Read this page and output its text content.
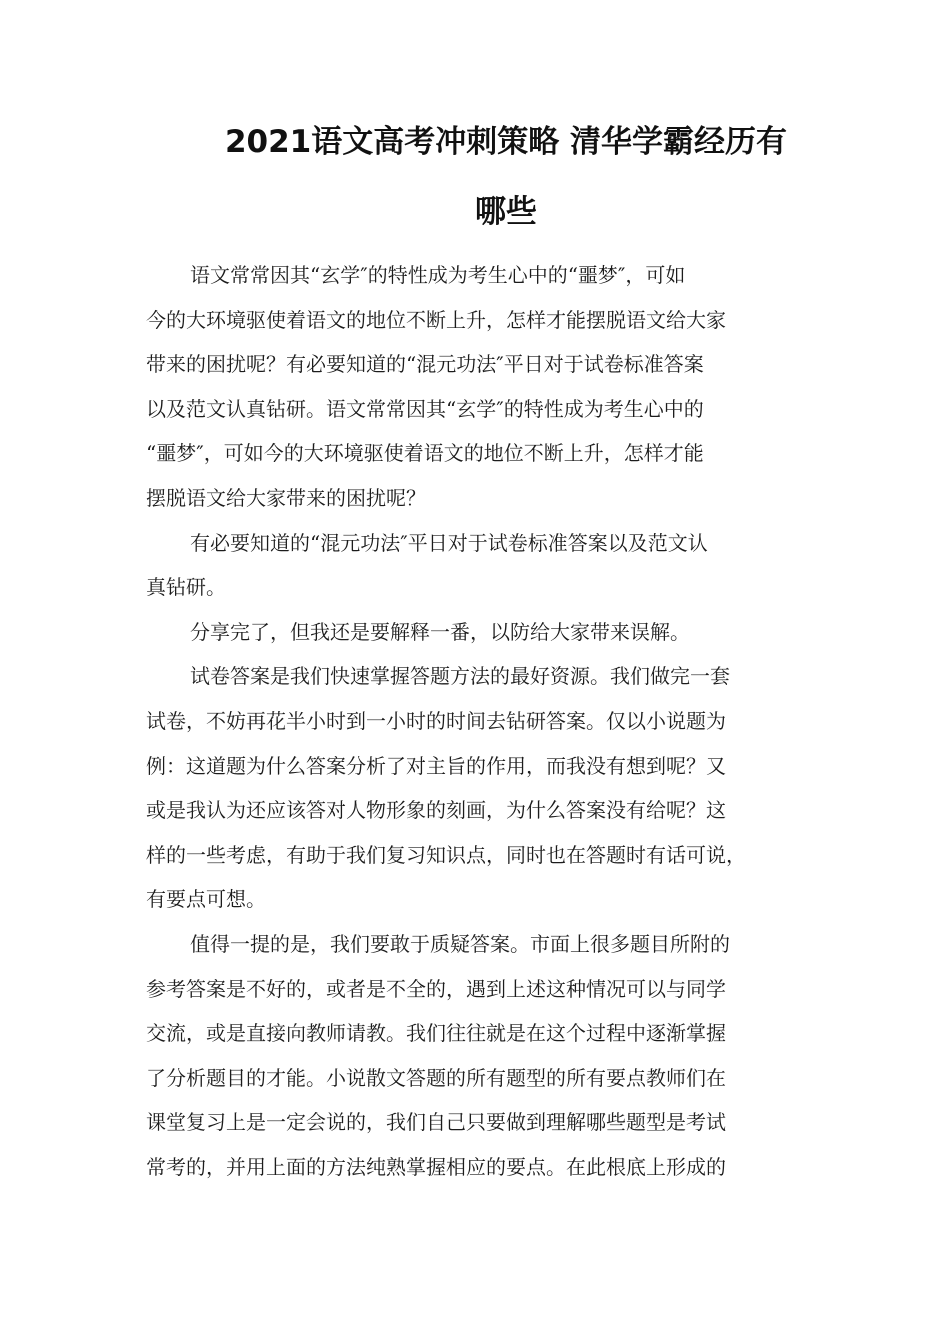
2021语文高考冲刺策略 清华学霸经历有
哪些
语文常常因其“玄学″的特性成为考生心中的“噩梦″，可如
今的大环境驱使着语文的地位不断上升，怎样才能摆脱语文给大家
带来的困扰呢？有必要知道的“混元功法″平日对于试卷标准答案
以及范文认真钻研。语文常常因其“玄学″的特性成为考生心中的
“噩梦″，可如今的大环境驱使着语文的地位不断上升，怎样才能
摆脱语文给大家带来的困扰呢？
有必要知道的“混元功法″平日对于试卷标准答案以及范文认
真钻研。
分享完了，但我还是要解释一番，以防给大家带来误解。
试卷答案是我们快速掌握答题方法的最好资源。我们做完一套
试卷，不妨再花半小时到一小时的时间去钻研答案。仅以小说题为
例：这道题为什么答案分析了对主旨的作用，而我没有想到呢？又
或是我认为还应该答对人物形象的刻画，为什么答案没有给呢？这
样的一些考虑，有助于我们复习知识点，同时也在答题时有话可说，
有要点可想。
值得一提的是，我们要敢于质疑答案。市面上很多题目所附的
参考答案是不好的，或者是不全的，遇到上述这种情况可以与同学
交流，或是直接向教师请教。我们往往就是在这个过程中逐渐掌握
了分析题目的才能。小说散文答题的所有题型的所有要点教师们在
课堂复习上是一定会说的，我们自己只要做到理解哪些题型是考试
常考的，并用上面的方法纯熟掌握相应的要点。在此根底上形成的
